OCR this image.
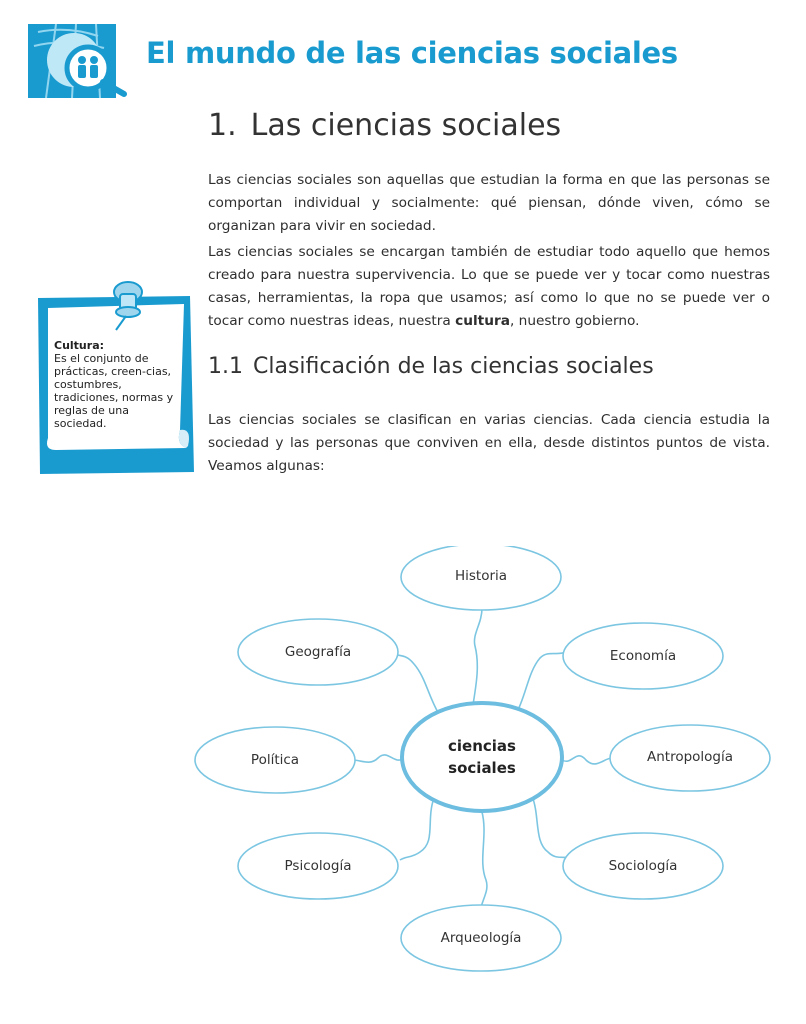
El mundo de las ciencias sociales
1. Las ciencias sociales

Las ciencias sociales son aquellas que estudian la forma en que las personas se comportan individual y socialmente: qué piensan, dónde viven, cómo se organizan para vivir en sociedad.

Las ciencias sociales se encargan también de estudiar todo aquello que hemos creado para nuestra supervivencia. Lo que se puede ver y tocar como nuestras casas, herramientas, la ropa que usamos; así como lo que no se puede ver o tocar como nuestras ideas, nuestra cultura, nuestro gobierno.

Cultura:
Es el conjunto de prácticas, creen-cias, costumbres, tradiciones, normas y reglas de una sociedad.
1.1 Clasificación de las ciencias sociales

Las ciencias sociales se clasifican en varias ciencias. Cada ciencia estudia la sociedad y las personas que conviven en ella, desde distintos puntos de vista. Veamos algunas:

ciencias
sociales
Historia
Economía
Antropología
Sociología
Arqueología
Psicología
Política
Geografía
